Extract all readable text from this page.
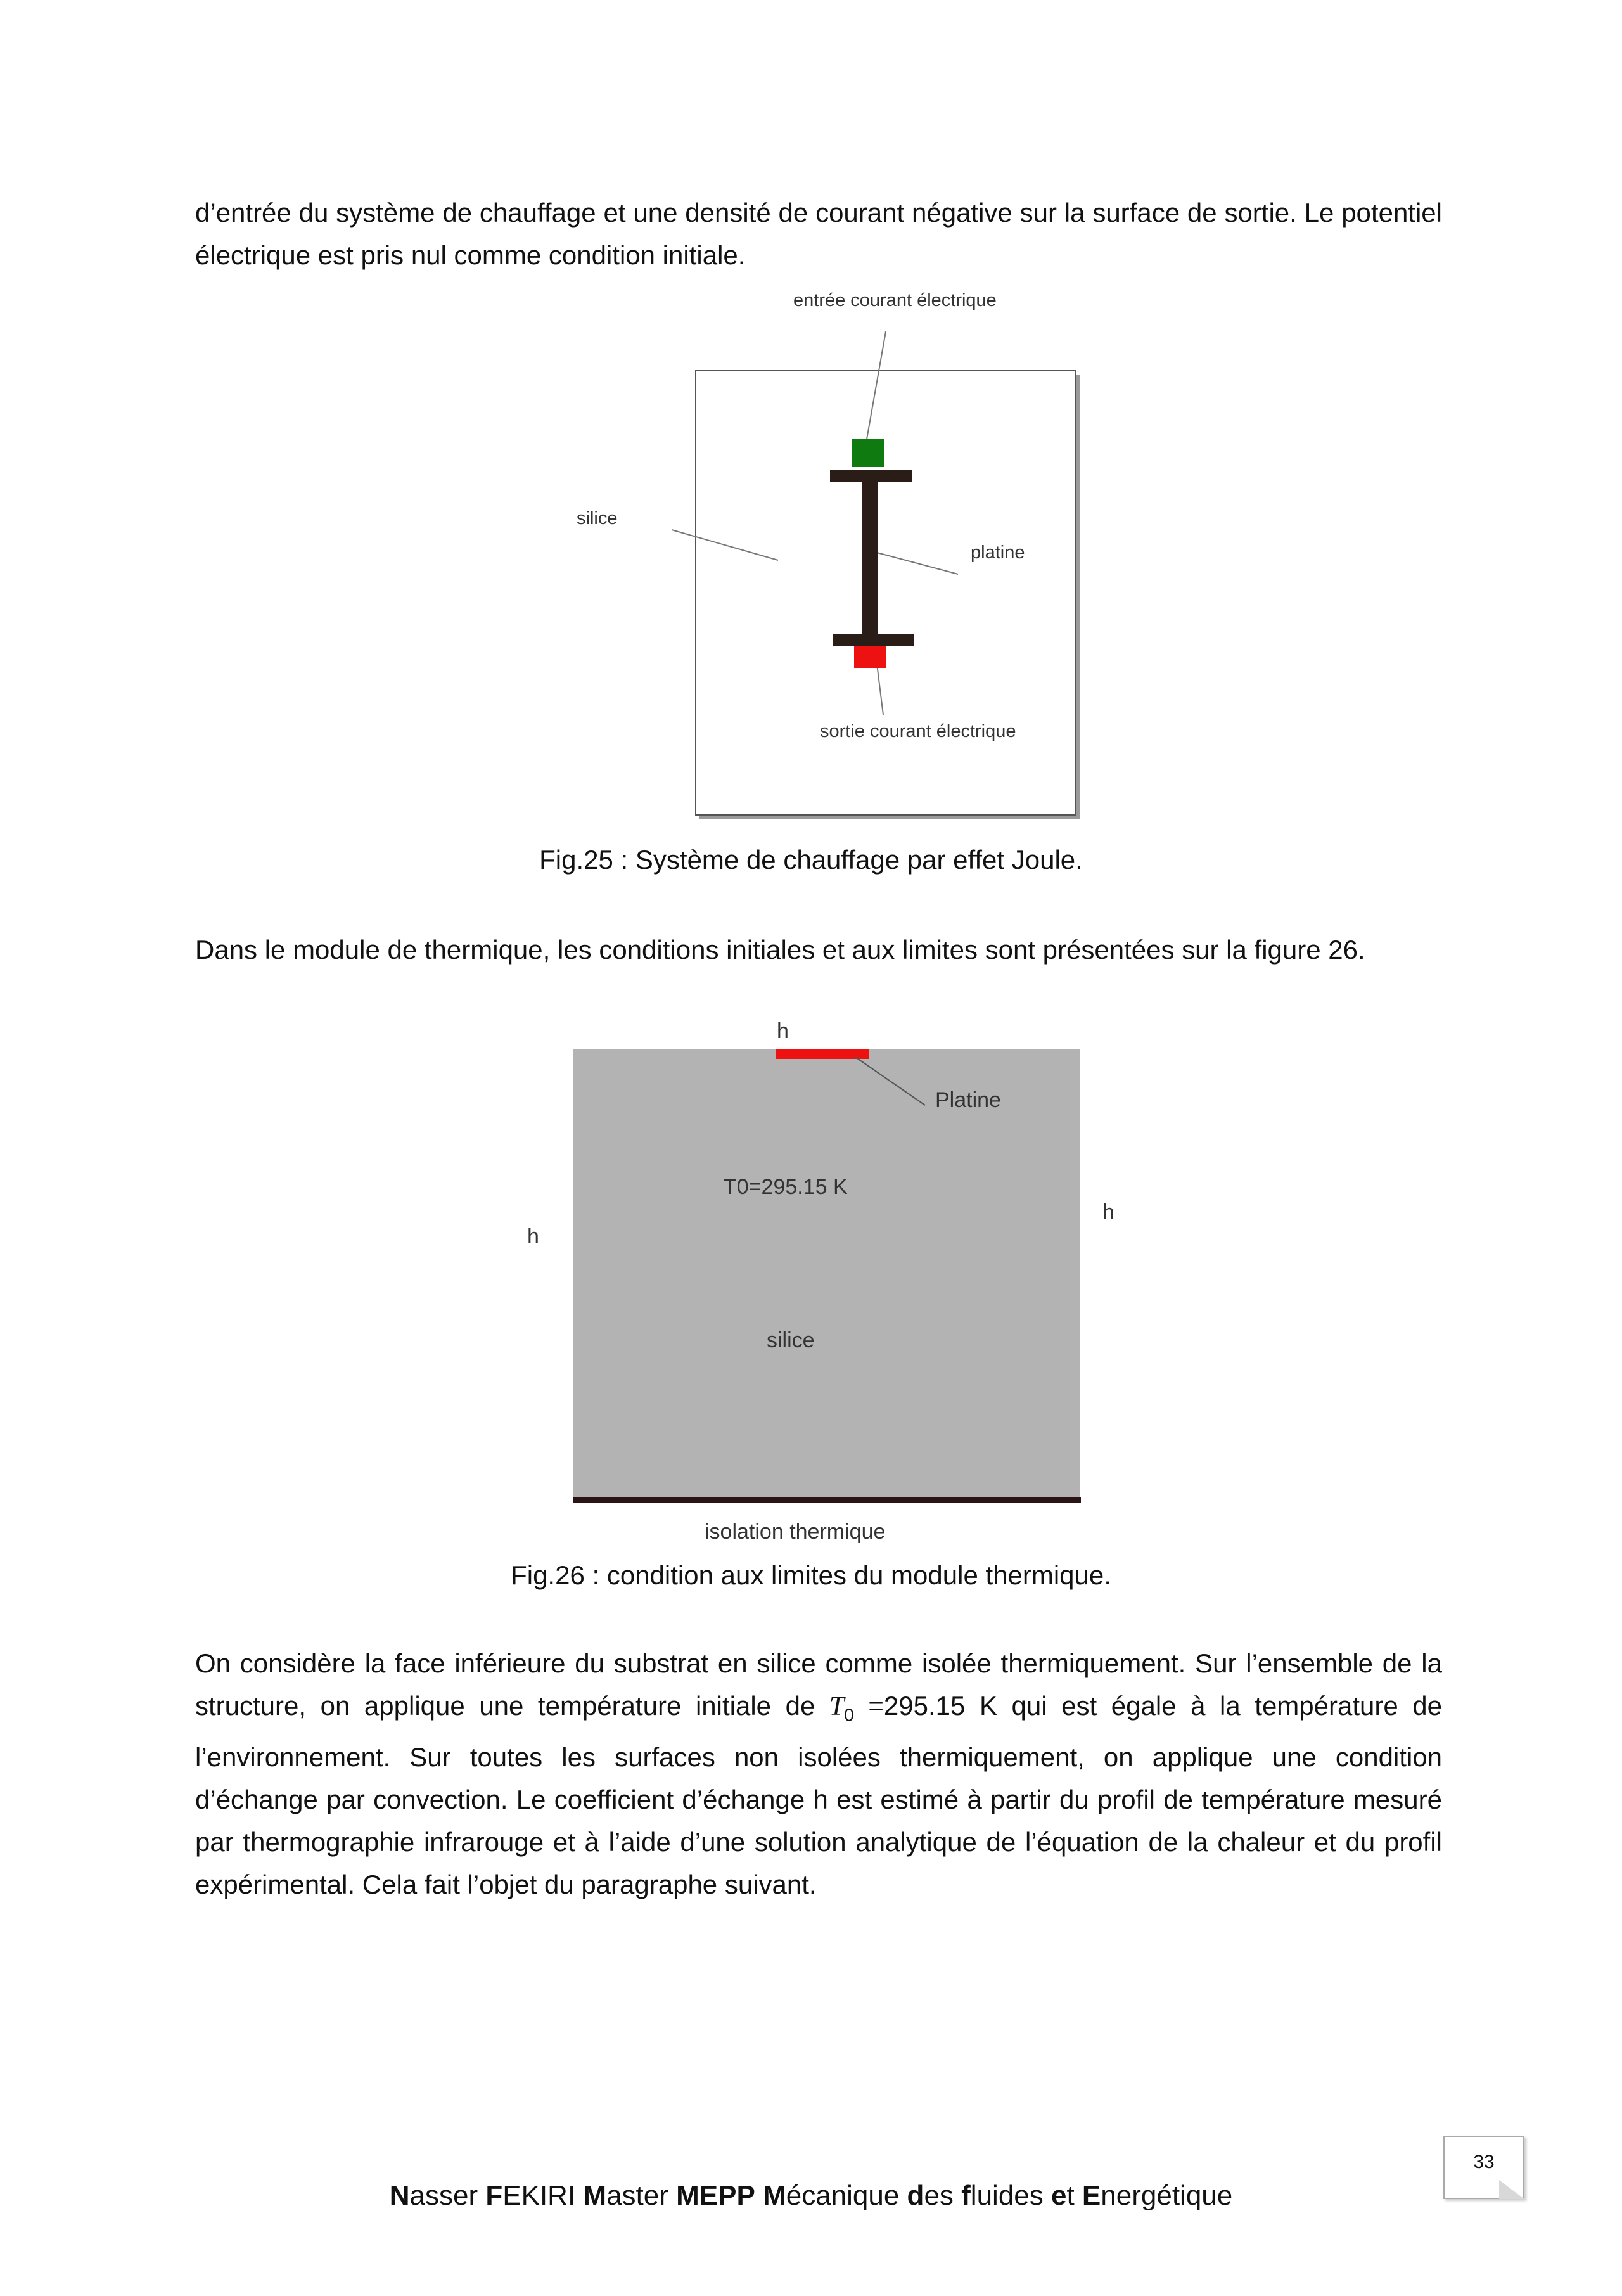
d’entrée du système de chauffage et une densité de courant négative sur la surface de sortie. Le potentiel électrique est pris nul comme condition initiale.

entrée courant électrique
silice
platine
sortie courant électrique

Fig.25 : Système de chauffage par effet Joule.

Dans le module de thermique, les conditions initiales et aux limites sont présentées sur la figure 26.

h
Platine
T0=295.15 K
h
h
silice
isolation thermique

Fig.26 : condition aux limites du module thermique.

On considère la face inférieure du substrat en silice comme isolée thermiquement. Sur l’ensemble de la structure, on applique une température initiale de $T_0 =295.15$ K qui est égale à la température de l’environnement. Sur toutes les surfaces non isolées thermiquement, on applique une condition d’échange par convection. Le coefficient d’échange h est estimé à partir du profil de température mesuré par thermographie infrarouge et à l’aide d’une solution analytique de l’équation de la chaleur et du profil expérimental. Cela fait l’objet du paragraphe suivant.

33
Nasser FEKIRI Master MEPP Mécanique des fluides et Energétique
